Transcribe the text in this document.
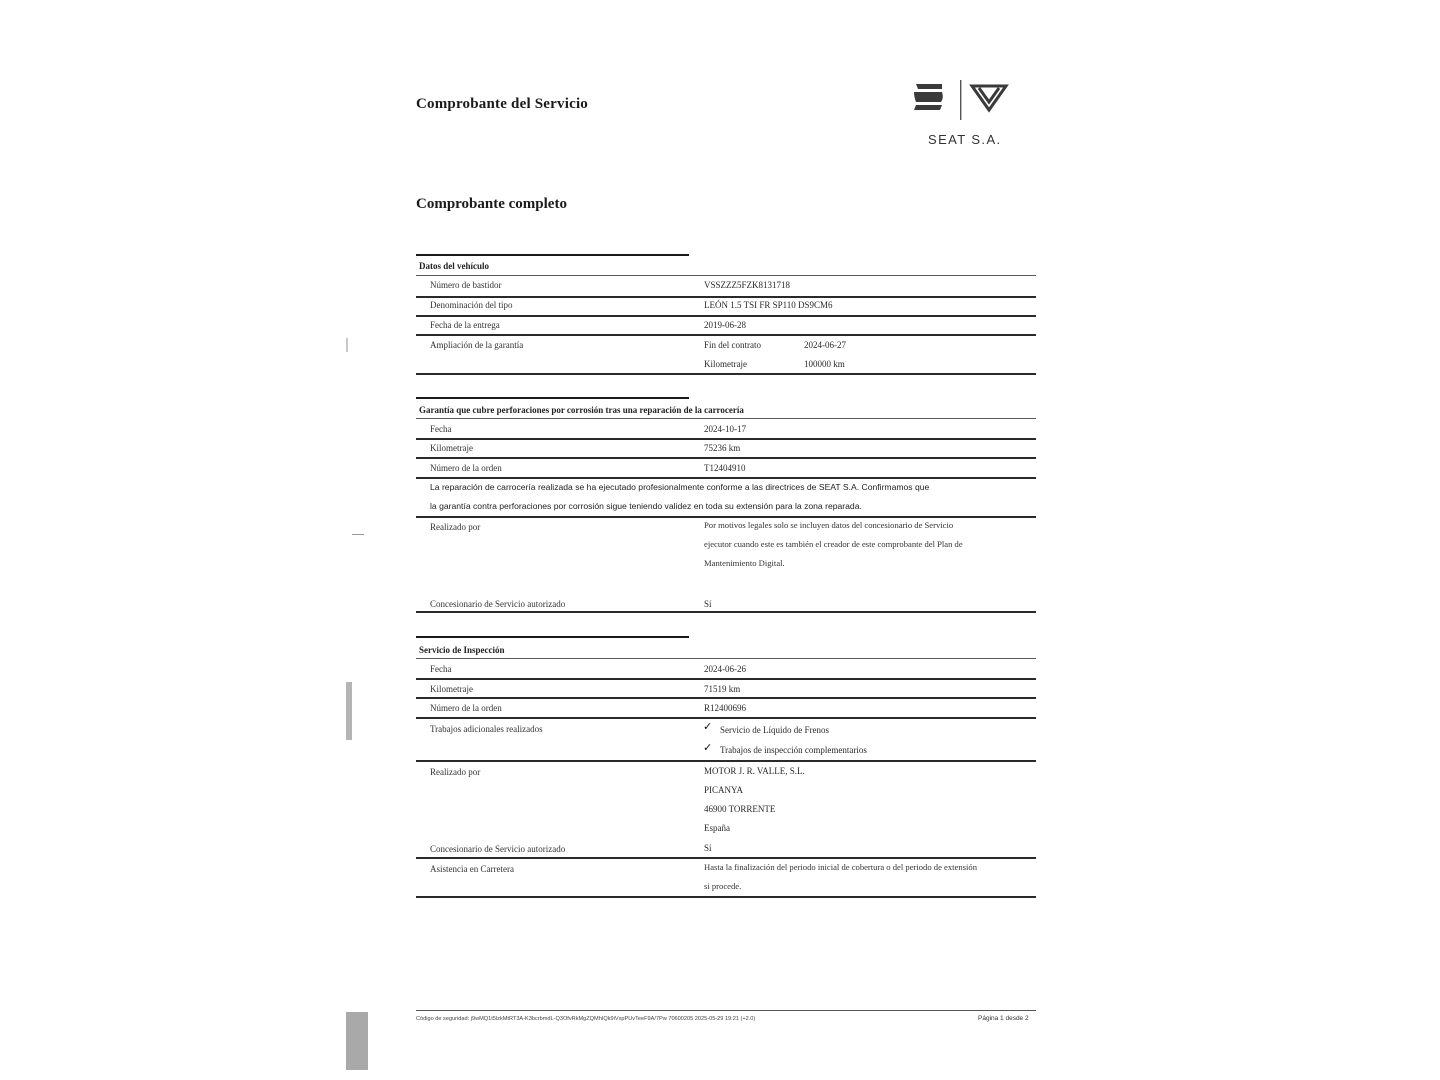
Comprobante del Servicio
SEAT S.A.
Comprobante completo
Datos del vehículo
Número de bastidor	VSSZZZ5FZK8131718
Denominación del tipo	LEÓN 1.5 TSI FR SP110 DS9CM6
Fecha de la entrega	2019-06-28
Ampliación de la garantía	Fin del contrato	2024-06-27
Kilometraje	100000 km
Garantía que cubre perforaciones por corrosión tras una reparación de la carrocería
Fecha	2024-10-17
Kilometraje	75236 km
Número de la orden	T12404910
La reparación de carrocería realizada se ha ejecutado profesionalmente conforme a las directrices de SEAT S.A. Confirmamos que
la garantía contra perforaciones por corrosión sigue teniendo validez en toda su extensión para la zona reparada.
Realizado por	Por motivos legales solo se incluyen datos del concesionario de Servicio
ejecutor cuando este es también el creador de este comprobante del Plan de
Mantenimiento Digital.
Concesionario de Servicio autorizado	Sí
Servicio de Inspección
Fecha	2024-06-26
Kilometraje	71519 km
Número de la orden	R12400696
Trabajos adicionales realizados	✓ Servicio de Líquido de Frenos
✓ Trabajos de inspección complementarios
Realizado por	MOTOR J. R. VALLE, S.L.
PICANYA
46900 TORRENTE
España
Concesionario de Servicio autorizado	Sí
Asistencia en Carretera	Hasta la finalización del periodo inicial de cobertura o del periodo de extensión
si procede.
Código de seguridad: j9wMQ1t5lzkMtRT3A-K3bcrbmdL-Q3OfvRkMgZQMhIQk9iVxpPUvTeeF9A/7Pw 70600205 2025-05-29 19:21 (+2.0)	Página 1 desde 2
